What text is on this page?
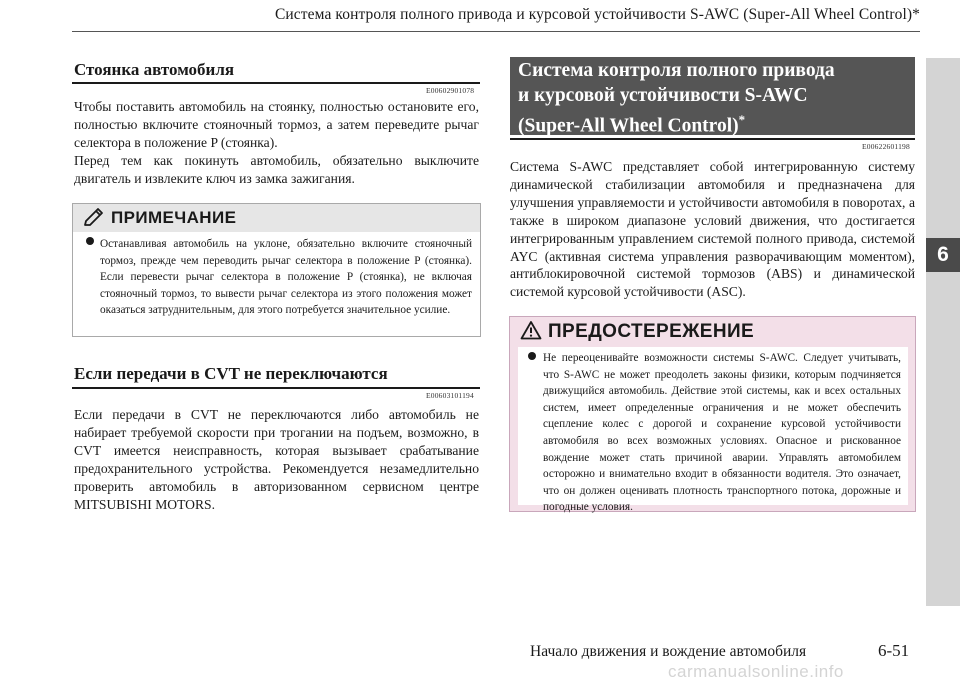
Система контроля полного привода и курсовой устойчивости S-AWC (Super-All Wheel Control)*
6
Стоянка автомобиля
E00602901078

Чтобы поставить автомобиль на стоянку, полностью остановите его, полностью включите стояночный тормоз, а затем переведите рычаг селектора в положение P (стоянка).

Перед тем как покинуть автомобиль, обязательно выключите двигатель и извлеките ключ из замка зажигания.

ПРИМЕЧАНИЕ
Останавливая автомобиль на уклоне, обязательно включите стояночный тормоз, прежде чем переводить рычаг селектора в положение P (стоянка). Если перевести рычаг селектора в положение P (стоянка), не включая стояночный тормоз, то вывести рычаг селектора из этого положения может оказаться затруднительным, для этого потребуется значительное усилие.
Если передачи в CVT не переключаются
E00603101194
Если передачи в CVT не переключаются либо автомобиль не набирает требуемой скорости при трогании на подъем, возможно, в CVT имеется неисправность, которая вызывает срабатывание предохранительного устройства. Рекомендуется незамедлительно проверить автомобиль в авторизованном сервисном центре MITSUBISHI MOTORS.
Система контроля полного привода
и курсовой устойчивости S-AWC
(Super-All Wheel Control)*
E00622601198
Система S-AWC представляет собой интегрированную систему динамической стабилизации автомобиля и предназначена для улучшения управляемости и устойчивости автомобиля в поворотах, а также в широком диапазоне условий движения, что достигается интегрированным управлением системой полного привода, системой AYC (активная система управления разворачивающим моментом), антиблокировочной системой тормозов (ABS) и динамической системой курсовой устойчивости (ASC).
ПРЕДОСТЕРЕЖЕНИЕ
Не переоценивайте возможности системы S-AWC. Следует учитывать, что S-AWC не может преодолеть законы физики, которым подчиняется движущийся автомобиль. Действие этой системы, как и всех остальных систем, имеет определенные ограничения и не может обеспечить сцепление колес с дорогой и сохранение курсовой устойчивости автомобиля во всех возможных условиях. Опасное и рискованное вождение может стать причиной аварии. Управлять автомобилем осторожно и внимательно входит в обязанности водителя. Это означает, что он должен оценивать плотность транспортного потока, дорожные и погодные условия.
Начало движения и вождение автомобиля	6-51
carmanualsonline.info
